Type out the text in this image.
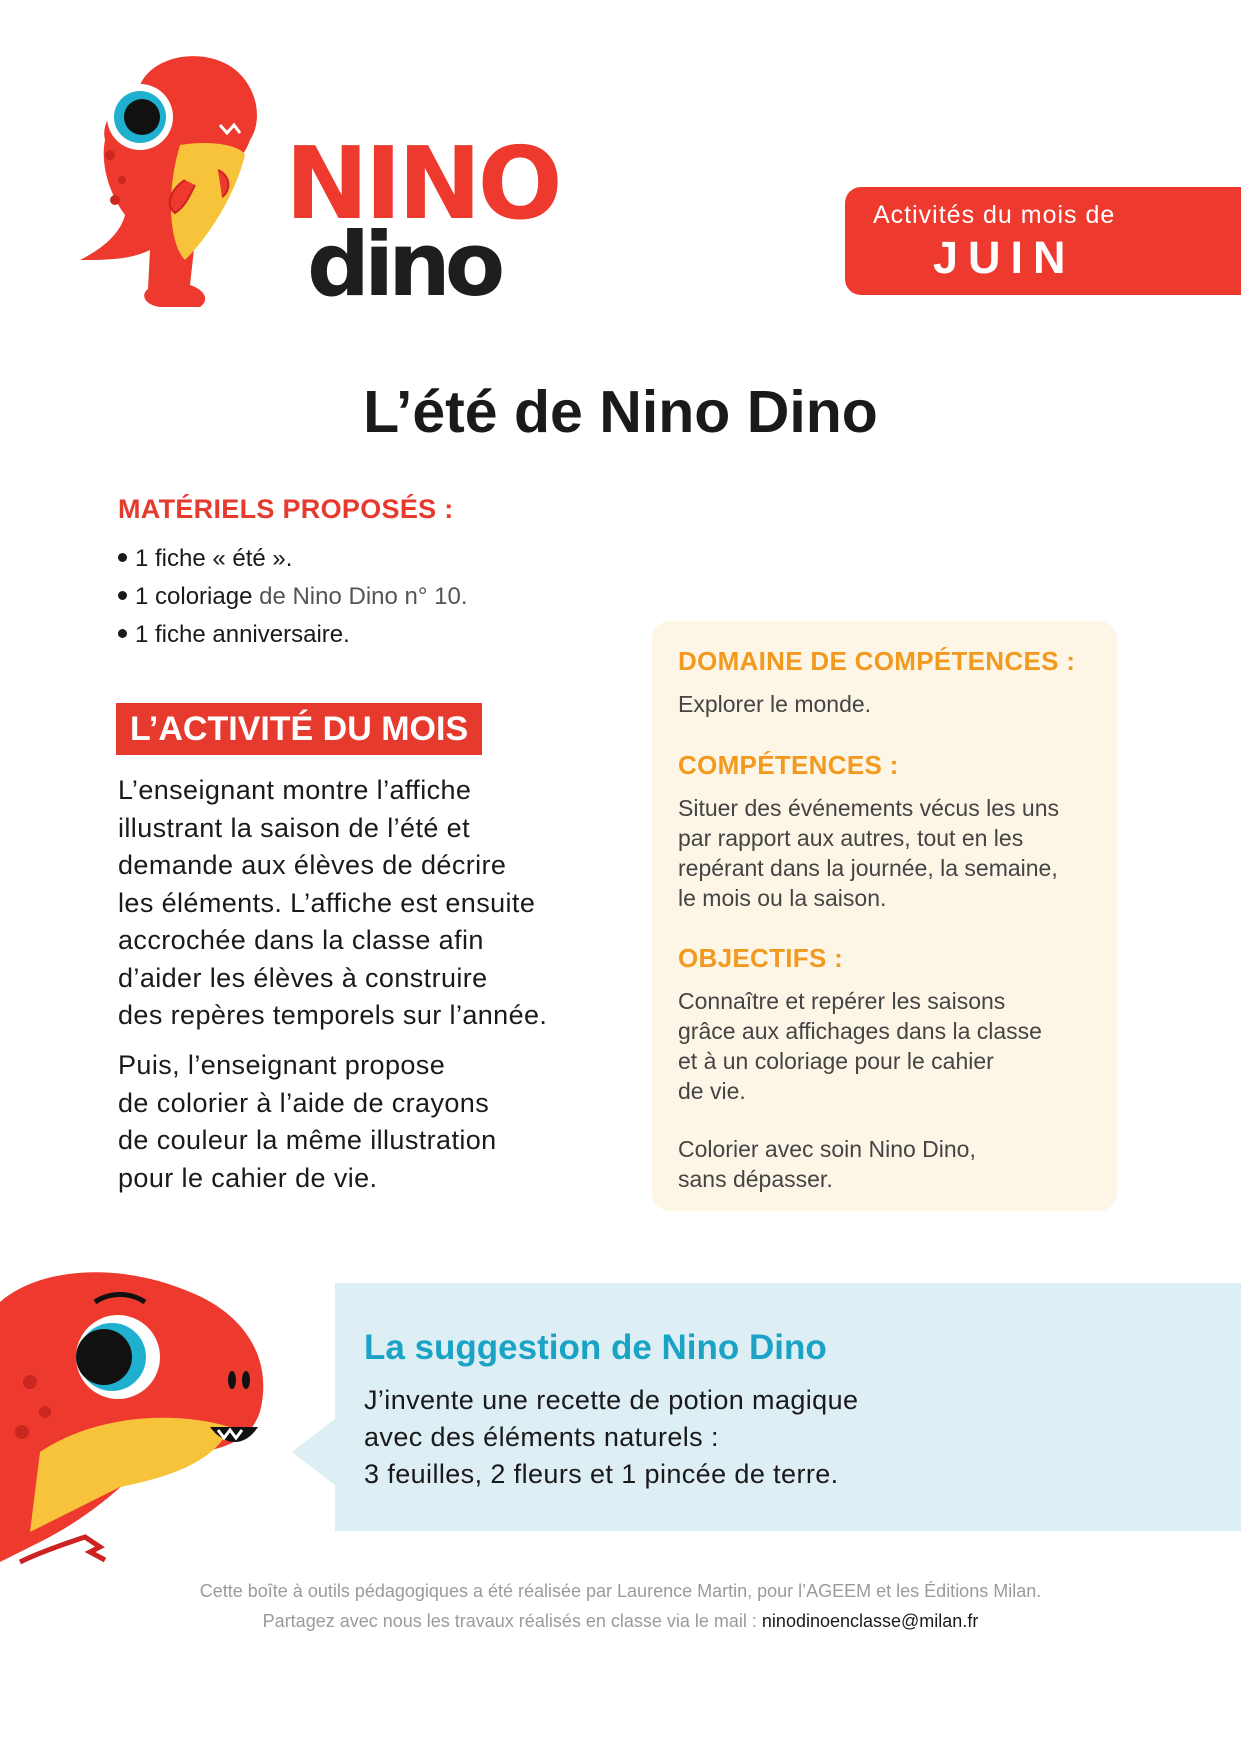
NINO
dino	Activités du mois de
JUIN
L’été de Nino Dino
MATÉRIELS PROPOSÉS :
1 fiche « été ».
1 coloriage de Nino Dino n° 10.
1 fiche anniversaire.
L’ACTIVITÉ DU MOIS
L’enseignant montre l’affiche
illustrant la saison de l’été et
demande aux élèves de décrire
les éléments. L’affiche est ensuite
accrochée dans la classe afin
d’aider les élèves à construire
des repères temporels sur l’année.
Puis, l’enseignant propose
de colorier à l’aide de crayons
de couleur la même illustration
pour le cahier de vie.
DOMAINE DE COMPÉTENCES :
Explorer le monde.
COMPÉTENCES :
Situer des événements vécus les uns
par rapport aux autres, tout en les
repérant dans la journée, la semaine,
le mois ou la saison.
OBJECTIFS :
Connaître et repérer les saisons
grâce aux affichages dans la classe
et à un coloriage pour le cahier
de vie.
Colorier avec soin Nino Dino,
sans dépasser.
La suggestion de Nino Dino
J’invente une recette de potion magique
avec des éléments naturels :
3 feuilles, 2 fleurs et 1 pincée de terre.
Cette boîte à outils pédagogiques a été réalisée par Laurence Martin, pour l’AGEEM et les Éditions Milan.
Partagez avec nous les travaux réalisés en classe via le mail : ninodinoenclasse@milan.fr
